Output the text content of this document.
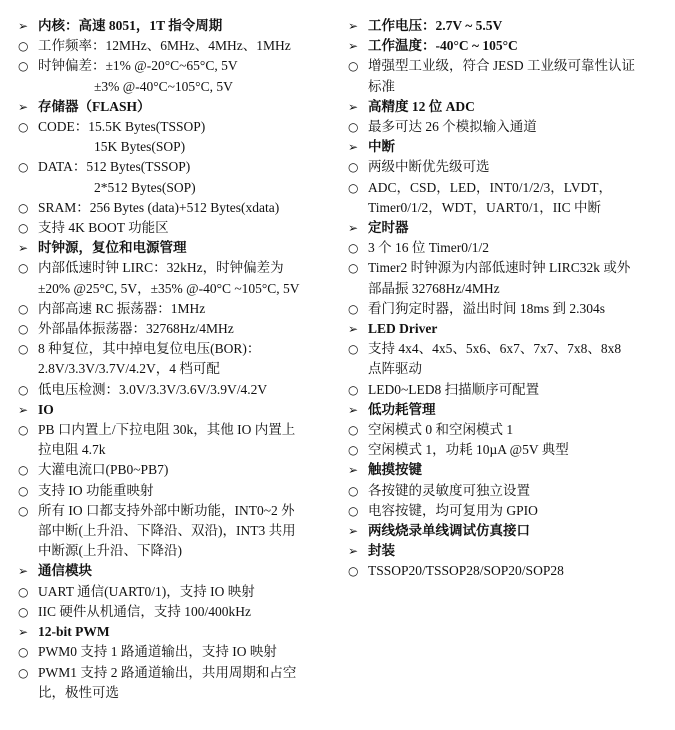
➢ 内核：高速 8051，1T 指令周期
○ 工作频率：12MHz、6MHz、4MHz、1MHz
○ 时钟偏差：±1% @-20°C~65°C, 5V
±3% @-40°C~105°C, 5V
➢ 存储器（FLASH）
○ CODE：15.5K Bytes(TSSOP)
15K Bytes(SOP)
○ DATA：512 Bytes(TSSOP)
2*512 Bytes(SOP)
○ SRAM：256 Bytes (data)+512 Bytes(xdata)
○ 支持 4K BOOT 功能区
➢ 时钟源，复位和电源管理
○ 内部低速时钟 LIRC：32kHz，时钟偏差为
±20% @25°C, 5V，±35% @-40°C ~105°C, 5V
○ 内部高速 RC 振荡器：1MHz
○ 外部晶体振荡器：32768Hz/4MHz
○ 8 种复位，其中掉电复位电压(BOR)：
2.8V/3.3V/3.7V/4.2V，4 档可配
○ 低电压检测：3.0V/3.3V/3.6V/3.9V/4.2V
➢ IO
○ PB 口内置上/下拉电阻 30k，其他 IO 内置上
拉电阻 4.7k
○ 大灌电流口(PB0~PB7)
○ 支持 IO 功能重映射
○ 所有 IO 口都支持外部中断功能，INT0~2 外
部中断(上升沿、下降沿、双沿)，INT3 共用
中断源(上升沿、下降沿)
➢ 通信模块
○ UART 通信(UART0/1)，支持 IO 映射
○ IIC 硬件从机通信，支持 100/400kHz
➢ 12-bit PWM
○ PWM0 支持 1 路通道输出，支持 IO 映射
○ PWM1 支持 2 路通道输出，共用周期和占空
比，极性可选
➢ 工作电压：2.7V ~ 5.5V
➢ 工作温度：-40°C ~ 105°C
○ 增强型工业级，符合 JESD 工业级可靠性认证
标准
➢ 高精度 12 位 ADC
○ 最多可达 26 个模拟输入通道
➢ 中断
○ 两级中断优先级可选
○ ADC，CSD，LED，INT0/1/2/3，LVDT，
Timer0/1/2，WDT，UART0/1，IIC 中断
➢ 定时器
○ 3 个 16 位 Timer0/1/2
○ Timer2 时钟源为内部低速时钟 LIRC32k 或外
部晶振 32768Hz/4MHz
○ 看门狗定时器，溢出时间 18ms 到 2.304s
➢ LED Driver
○ 支持 4x4、4x5、5x6、6x7、7x7、7x8、8x8
点阵驱动
○ LED0~LED8 扫描顺序可配置
➢ 低功耗管理
○ 空闲模式 0 和空闲模式 1
○ 空闲模式 1，功耗 10µA @5V 典型
➢ 触摸按键
○ 各按键的灵敏度可独立设置
○ 电容按键，均可复用为 GPIO
➢ 两线烧录单线调试仿真接口
➢ 封装
○ TSSOP20/TSSOP28/SOP20/SOP28
